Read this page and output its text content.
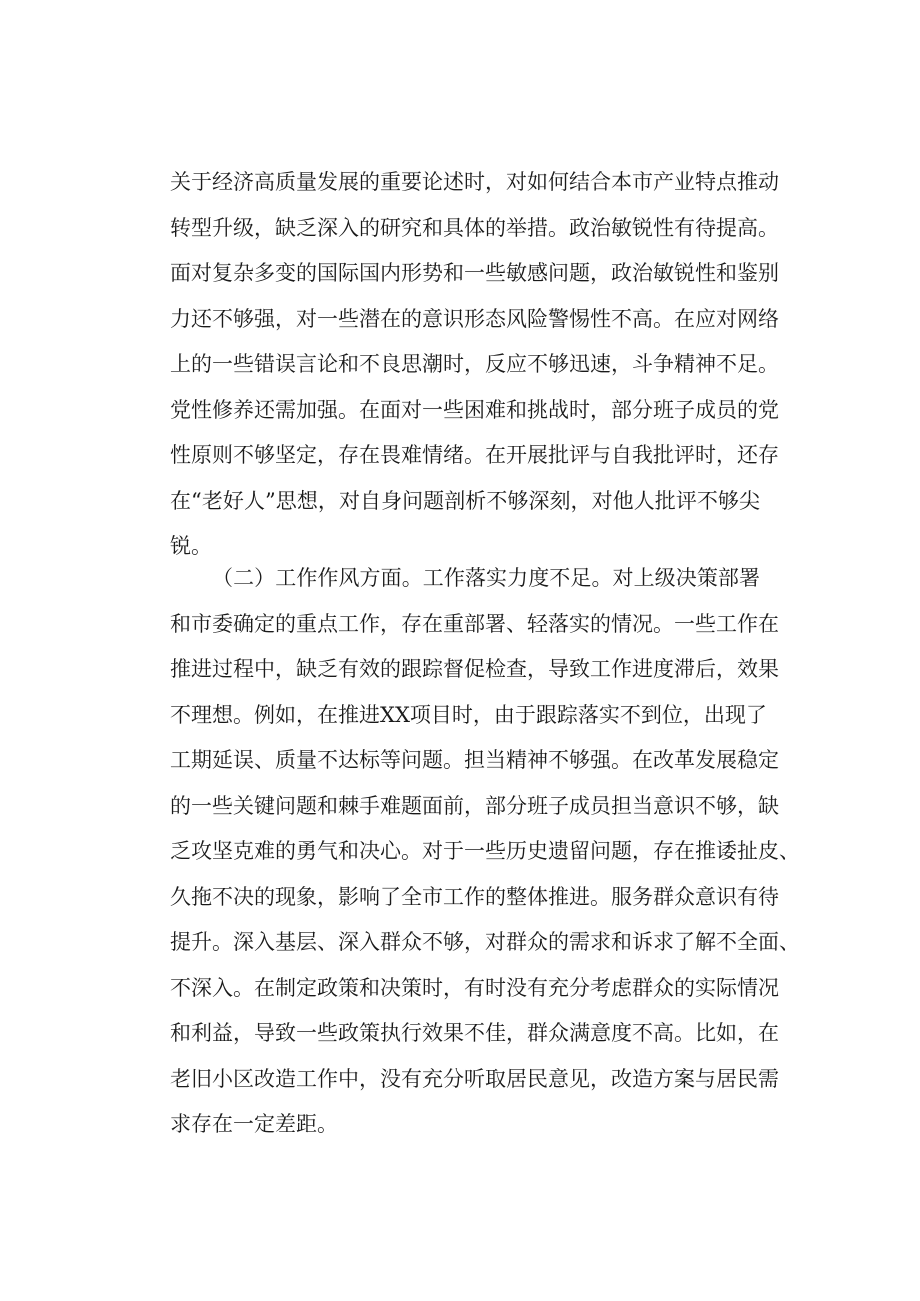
关于经济高质量发展的重要论述时，对如何结合本市产业特点推动
转型升级，缺乏深入的研究和具体的举措。政治敏锐性有待提高。
面对复杂多变的国际国内形势和一些敏感问题，政治敏锐性和鉴别
力还不够强，对一些潜在的意识形态风险警惕性不高。在应对网络
上的一些错误言论和不良思潮时，反应不够迅速，斗争精神不足。
党性修养还需加强。在面对一些困难和挑战时，部分班子成员的党
性原则不够坚定，存在畏难情绪。在开展批评与自我批评时，还存
在“老好人”思想，对自身问题剖析不够深刻，对他人批评不够尖
锐。
（二）工作作风方面。工作落实力度不足。对上级决策部署
和市委确定的重点工作，存在重部署、轻落实的情况。一些工作在
推进过程中，缺乏有效的跟踪督促检查，导致工作进度滞后，效果
不理想。例如，在推进XX项目时，由于跟踪落实不到位，出现了
工期延误、质量不达标等问题。担当精神不够强。在改革发展稳定
的一些关键问题和棘手难题面前，部分班子成员担当意识不够，缺
乏攻坚克难的勇气和决心。对于一些历史遗留问题，存在推诿扯皮、
久拖不决的现象，影响了全市工作的整体推进。服务群众意识有待
提升。深入基层、深入群众不够，对群众的需求和诉求了解不全面、
不深入。在制定政策和决策时，有时没有充分考虑群众的实际情况
和利益，导致一些政策执行效果不佳，群众满意度不高。比如，在
老旧小区改造工作中，没有充分听取居民意见，改造方案与居民需
求存在一定差距。
